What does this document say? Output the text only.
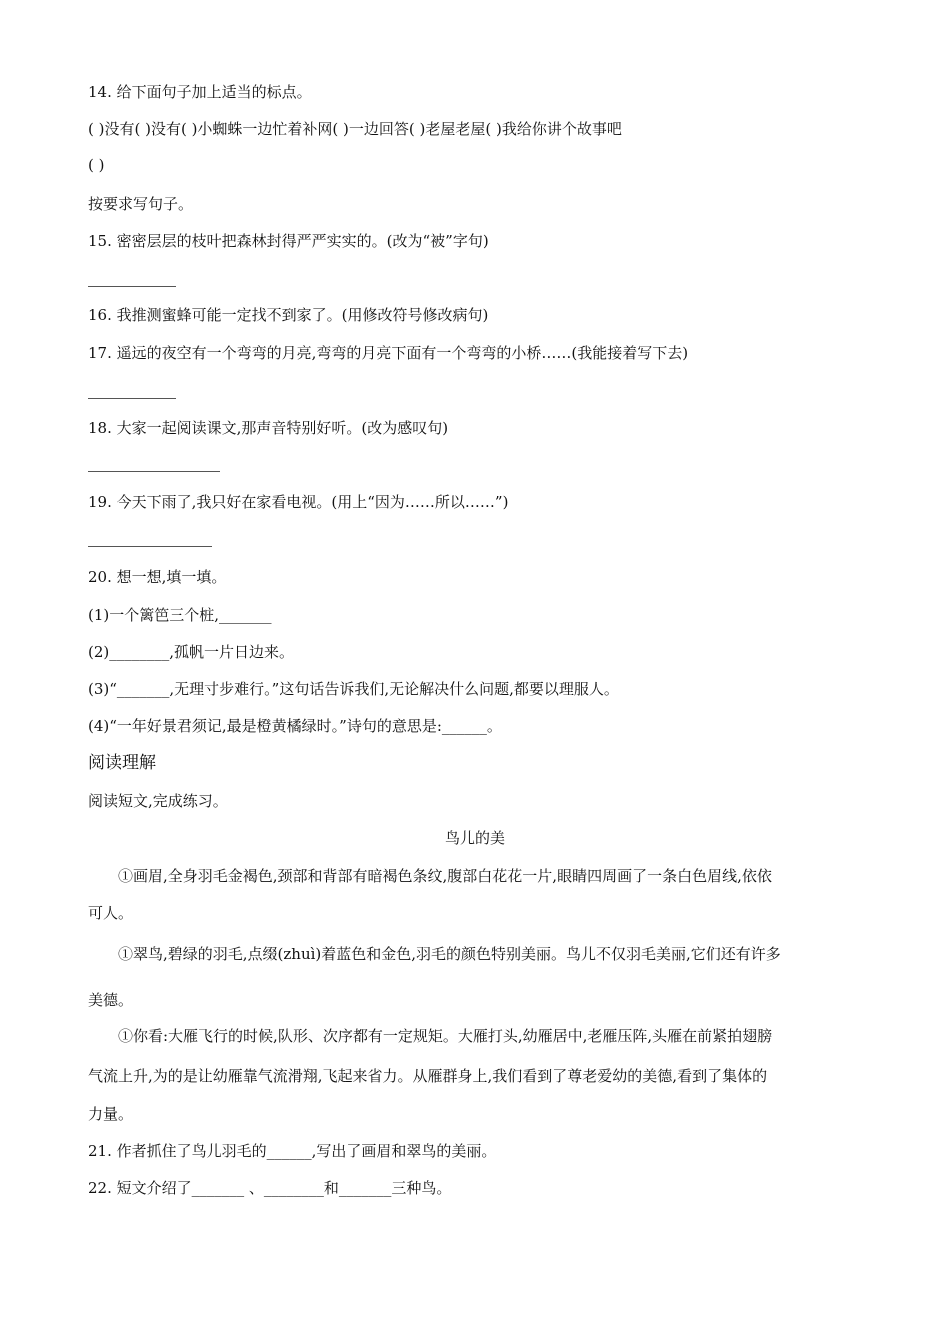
14. 给下面句子加上适当的标点。
( )没有( )没有( )小蜘蛛一边忙着补网( )一边回答( )老屋老屋( )我给你讲个故事吧
( )
按要求写句子。
15. 密密层层的枝叶把森林封得严严实实的。(改为“被”字句)
16. 我推测蜜蜂可能一定找不到家了。(用修改符号修改病句)
17. 遥远的夜空有一个弯弯的月亮,弯弯的月亮下面有一个弯弯的小桥……(我能接着写下去)
18. 大家一起阅读课文,那声音特别好听。(改为感叹句)
19. 今天下雨了,我只好在家看电视。(用上“因为……所以……”)
20. 想一想,填一填。
(1)一个篱笆三个桩,_______
(2)________,孤帆一片日边来。
(3)“_______,无理寸步难行。”这句话告诉我们,无论解决什么问题,都要以理服人。
(4)“一年好景君须记,最是橙黄橘绿时。”诗句的意思是:______。
阅读理解
阅读短文,完成练习。
鸟儿的美
①画眉,全身羽毛金褐色,颈部和背部有暗褐色条纹,腹部白花花一片,眼睛四周画了一条白色眉线,依依
可人。
①翠鸟,碧绿的羽毛,点缀(zhuì)着蓝色和金色,羽毛的颜色特别美丽。鸟儿不仅羽毛美丽,它们还有许多
美德。
①你看:大雁飞行的时候,队形、次序都有一定规矩。大雁打头,幼雁居中,老雁压阵,头雁在前紧拍翅膀
气流上升,为的是让幼雁靠气流滑翔,飞起来省力。从雁群身上,我们看到了尊老爱幼的美德,看到了集体的
力量。
21. 作者抓住了鸟儿羽毛的______,写出了画眉和翠鸟的美丽。
22. 短文介绍了_______ 、________和_______三种鸟。
